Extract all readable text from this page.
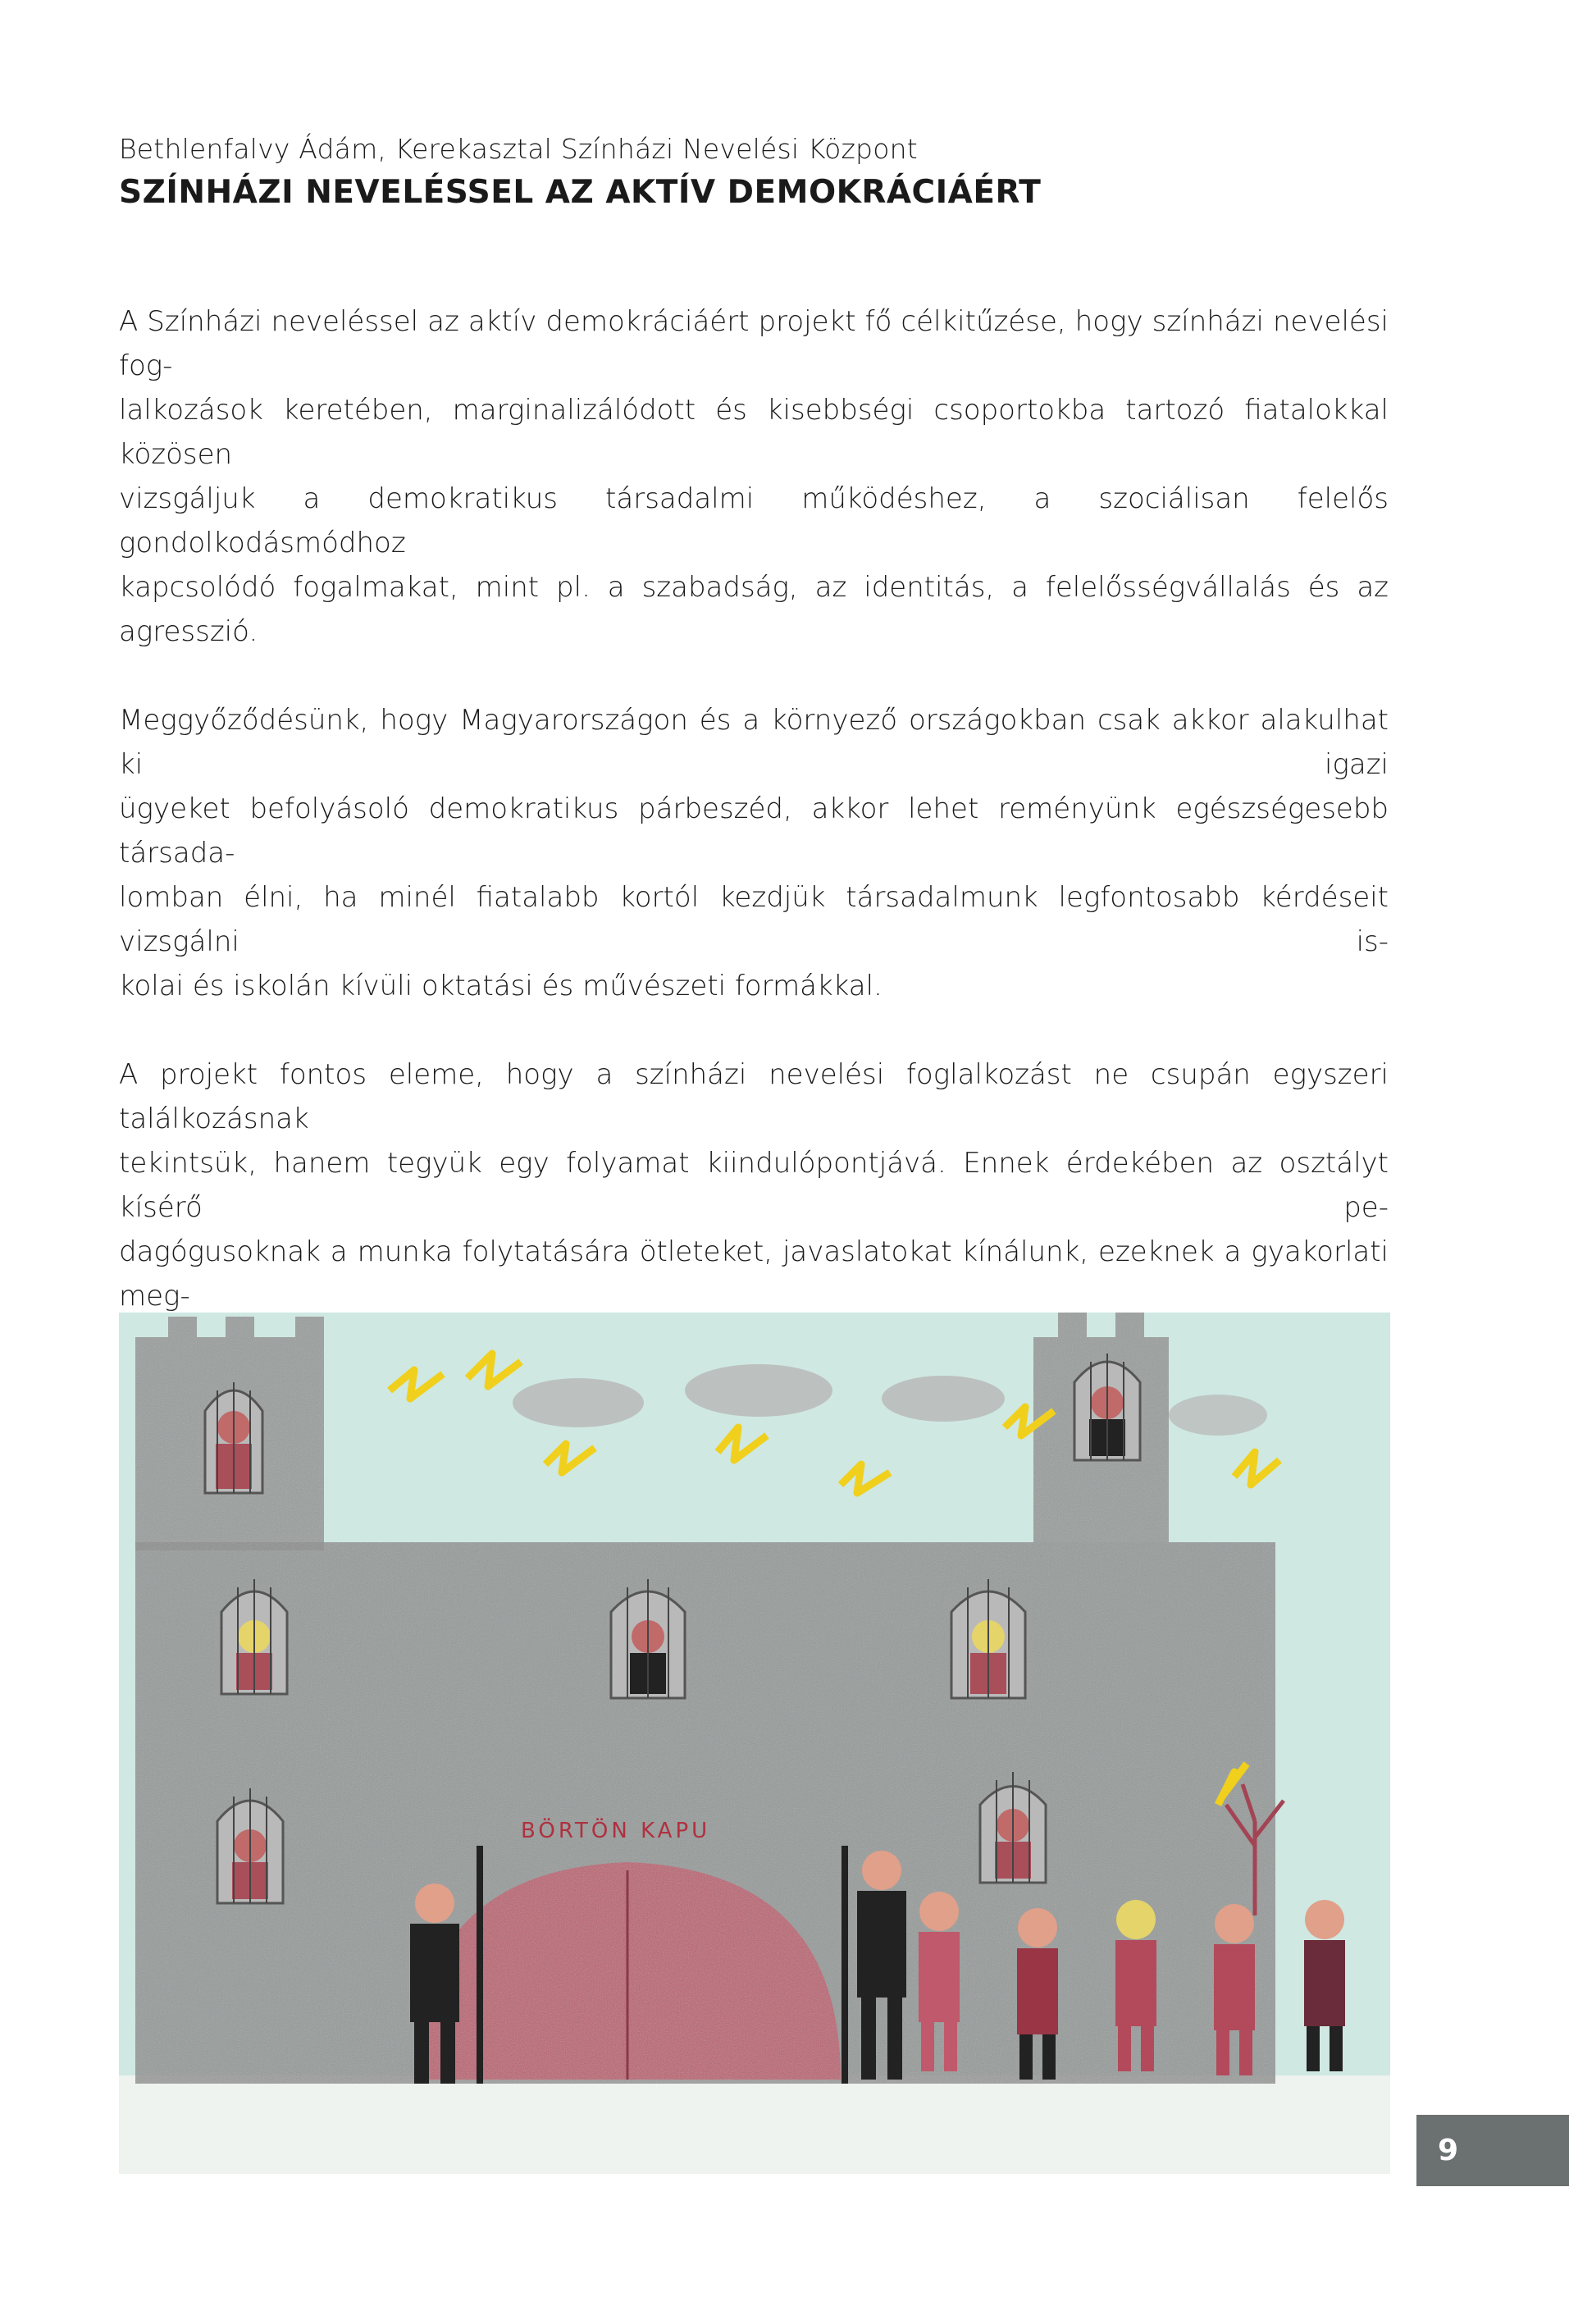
Bethlenfalvy Ádám, Kerekasztal Színházi Nevelési Központ
SZÍNHÁZI NEVELÉSSEL AZ AKTÍV DEMOKRÁCIÁÉRT

A Színházi neveléssel az aktív demokráciáért projekt fő célkitűzése, hogy színházi nevelési fog-
lalkozások keretében, marginalizálódott és kisebbségi csoportokba tartozó fiatalokkal közösen
vizsgáljuk a demokratikus társadalmi működéshez, a szociálisan felelős gondolkodásmódhoz
kapcsolódó fogalmakat, mint pl. a szabadság, az identitás, a felelősségvállalás és az agresszió.

Meggyőződésünk, hogy Magyarországon és a környező országokban csak akkor alakulhat ki igazi
ügyeket befolyásoló demokratikus párbeszéd, akkor lehet reményünk egészségesebb társada-
lomban élni, ha minél fiatalabb kortól kezdjük társadalmunk legfontosabb kérdéseit vizsgálni is-
kolai és iskolán kívüli oktatási és művészeti formákkal.

A projekt fontos eleme, hogy a színházi nevelési foglalkozást ne csupán egyszeri találkozásnak
tekintsük, hanem tegyük egy folyamat kiindulópontjává. Ennek érdekében az osztályt kísérő pe-
dagógusoknak a munka folytatására ötleteket, javaslatokat kínálunk, ezeknek a gyakorlati meg-

BÖRTÖN KAPU
9
